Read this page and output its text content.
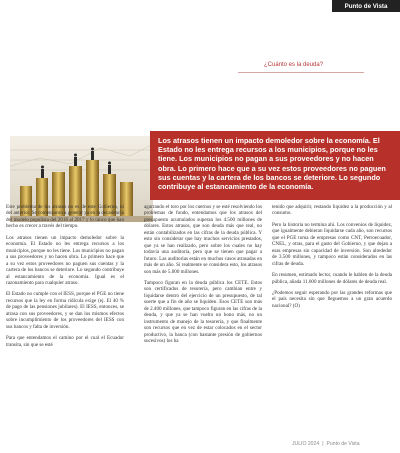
Punto de Vista
¿Cuánto es la deuda?
Los atrasos tienen un impacto demoledor sobre la economía. El Estado no les entrega recursos a los municipios, porque no les tiene. Los municipios no pagan a sus proveedores y no hacen obra. Lo primero hace que a su vez estos proveedores no paguen sus cuentas y la cartera de los bancos se deteriore. Lo segundo contribuye al estancamiento de la economía.

Este problema de los atrasos no es de este Gobierno, ni del anterior. Se comenzaron a generar ya en la decadencia del modelo populista del 2016 al 2017 y lo único que han hecho es crecer a través del tiempo.

Los atrasos tienen un impacto demoledor sobre la economía. El Estado no les entrega recursos a los municipios, porque no les tiene. Los municipios no pagan a sus proveedores y no hacen obra. Lo primero hace que a su vez estos proveedores no paguen sus cuentas y la cartera de los bancos se deteriore. Lo segundo contribuye al estancamiento de la economía. Igual es el razonamiento para cualquier atraso.

El Estado no cumple con el IESS, porque el PGE no tiene recursos que la ley en forma ridícula exige (ej. El 40 % de pago de las pensiones jubilares). El IESS, entonces, se atrasa con sus proveedores, y se dan los mismos efectos sobre incumplimiento de los proveedores del IESS con sus bancos y falta de inversión.

Para que entendamos el camino por el cual el Ecuador transita, sin que se esté

agarrando el toro por los cuernos y se esté resolviendo los problemas de fondo, entendamos que los atrasos del presupuesto acumulados superan los 4.500 millones de dólares. Estos atrasos, que son deuda más que real, no están contabilizados en las cifras de la deuda pública. Y esto sin considerar que hay muchos servicios prestados, que ya se han realizado, pero sobre los cuales no hay todavía una auditoría, pero que se tienen que pagar a futuro. Las auditorías están en muchos casos atrasadas en más de un año. Si realmente se considera esto, los atrasos son más de 5.000 millones.

Tampoco figuran en la deuda pública los CETE. Estos son certificados de tesorería, pero cambian entre y liquidarse dentro del ejercicio de un presupuesto, de tal suerte que a fin de año se liquiden. Esos CETE son más de 2.400 millones, que tampoco figuran en las cifras de la deuda, y que ya se han vuelto un bono más, no un instrumento de manejo de la tesorería, y que finalmente son recursos que en vez de estar colocados en el sector productivo, la banca (con bastante presión de gobiernos sucesivos) los ha

tenido que adquirir, restando liquidez a la producción y al consumo.

Pero la historia no termina ahí. Los convenios de liquidez, que igualmente debieran liquidarse cada año, son recursos que el PGE toma de empresas como CNT, Petroecuador, CNEL, y otras, para el gasto del Gobierno, y que dejan a esas empresas sin capacidad de inversión. Son alrededor de 3.500 millones, y tampoco están considerados en las cifras de deuda.

En resumen, estimado lector, cuando le hablen de la deuda pública, añada 11.000 millones de dólares de deuda real.

¿Podemos seguir esperando por las grandes reformas que el país necesita sin que lleguemos a un gran acuerdo nacional? (O)

JULIO 2024 | Punto de Vista
